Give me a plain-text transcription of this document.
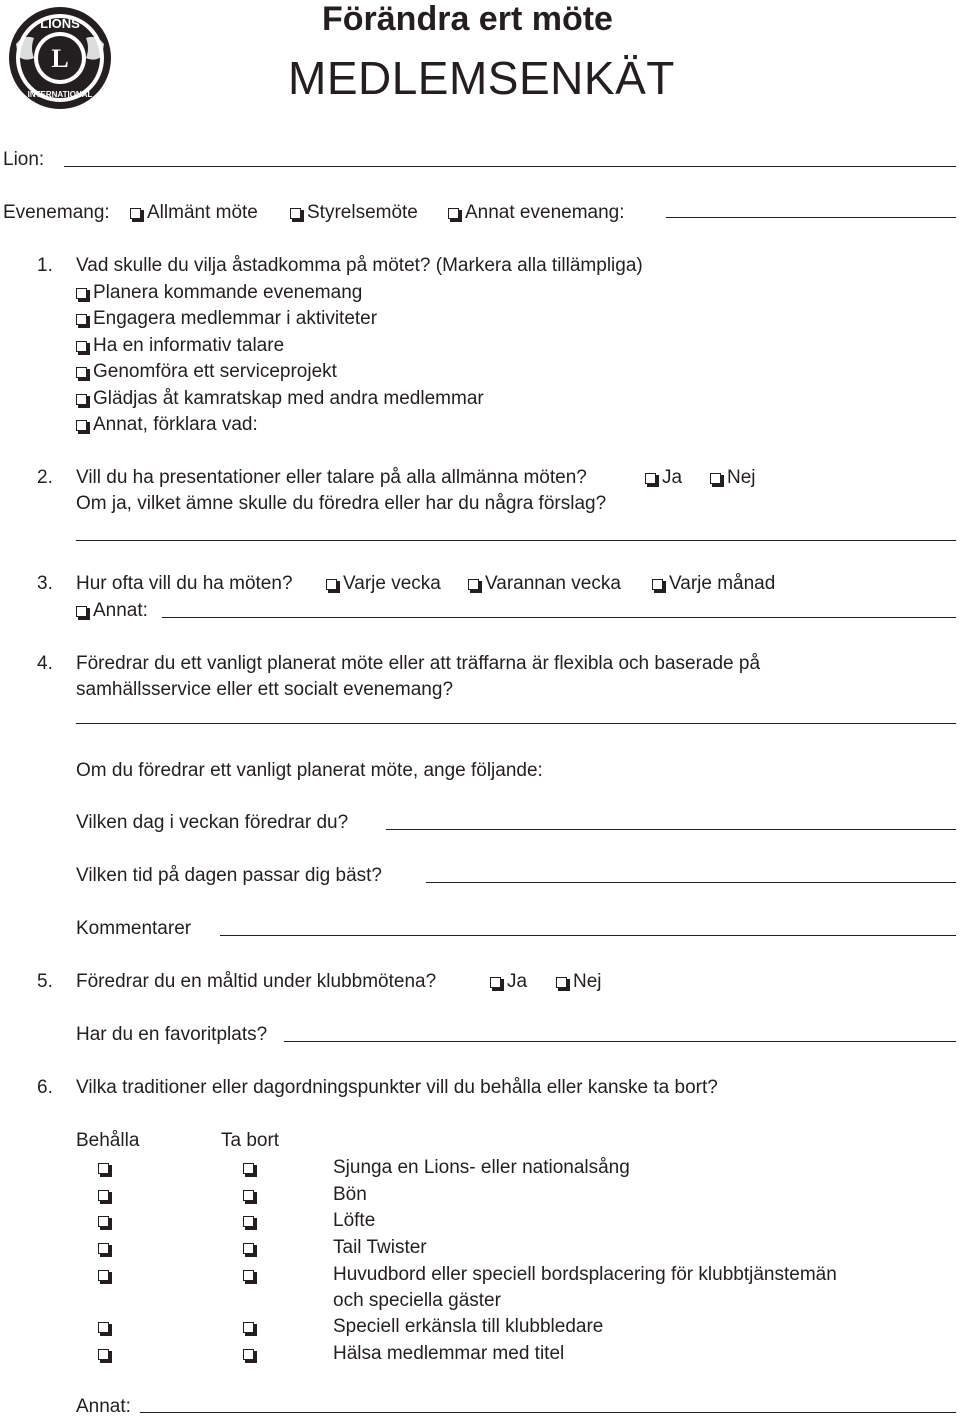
L
LIONS
INTERNATIONAL
Förändra ert möte
MEDLEMSENKÄT
Lion:
Evenemang:	Allmänt möte	Styrelsemöte	Annat evenemang:
1. Vad skulle du vilja åstadkomma på mötet? (Markera alla tillämpliga)
Planera kommande evenemang
Engagera medlemmar i aktiviteter
Ha en informativ talare
Genomföra ett serviceprojekt
Glädjas åt kamratskap med andra medlemmar
Annat, förklara vad:
2. Vill du ha presentationer eller talare på alla allmänna möten?	Ja	Nej
Om ja, vilket ämne skulle du föredra eller har du några förslag?
3. Hur ofta vill du ha möten?	Varje vecka	Varannan vecka	Varje månad
Annat:
4. Föredrar du ett vanligt planerat möte eller att träffarna är flexibla och baserade på
samhällsservice eller ett socialt evenemang?
Om du föredrar ett vanligt planerat möte, ange följande:
Vilken dag i veckan föredrar du?
Vilken tid på dagen passar dig bäst?
Kommentarer
5. Föredrar du en måltid under klubbmötena?	Ja	Nej
Har du en favoritplats?
6. Vilka traditioner eller dagordningspunkter vill du behålla eller kanske ta bort?
Behålla	Ta bort
Sjunga en Lions- eller nationalsång
Bön
Löfte
Tail Twister
Huvudbord eller speciell bordsplacering för klubbtjänstemän
och speciella gäster
Speciell erkänsla till klubbledare
Hälsa medlemmar med titel
Annat:
